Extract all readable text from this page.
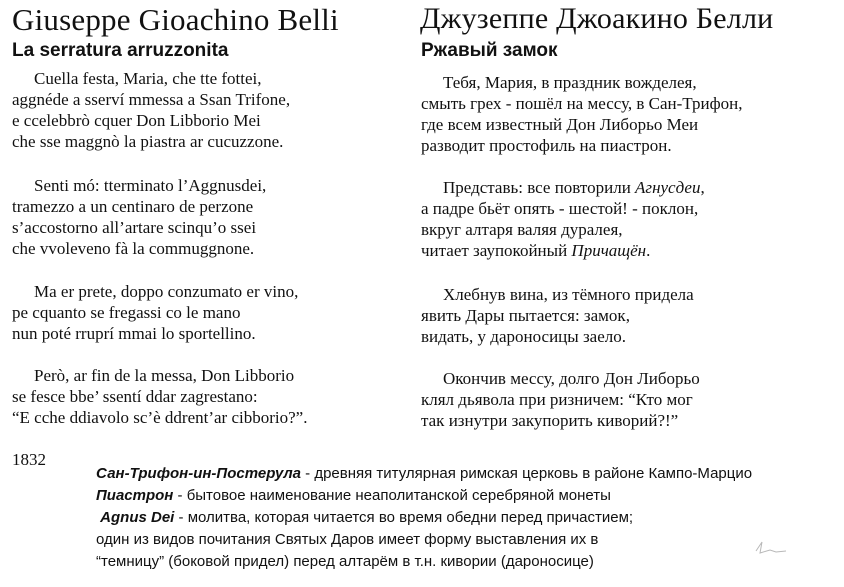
Giuseppe Gioachino Belli
La serratura arruzzonita
Cuella festa, Maria, che tte fottei,
aggnéde a sserví mmessa a Ssan Trifone,
e ccelebbrò cquer Don Libborio Mei
che sse maggnò la piastra ar cucuzzone.
Senti mó: tterminato l’Aggnusdei,
tramezzo a un centinaro de perzone
s’accostorno all’artare scinqu’o ssei
che vvoleveno fà la commuggnone.
Ma er prete, doppo conzumato er vino,
pe cquanto se fregassi co le mano
nun poté rruprí mmai lo sportellino.
Però, ar fin de la messa, Don Libborio
se fesce bbe’ ssentí ddar zagrestano:
“E cche ddiavolo sc’è ddrent’ar cibborio?”.
1832
Джузеппе Джоакино Белли
Ржавый замок
Тебя, Мария, в праздник вожделея,
смыть грех - пошёл на мессу, в Сан-Трифон,
где всем известный Дон Либорьо Меи
разводит простофиль на пиастрон.
Представь: все повторили Агнусдеи,
а падре бьёт опять - шестой! - поклон,
вкруг алтаря валяя дуралея,
читает заупокойный Причащён.
Хлебнув вина, из тёмного придела
явить Дары пытается: замок,
видать, у дароносицы заело.
Окончив мессу, долго Дон Либорьо
клял дьявола при ризничем: “Кто мог
так изнутри закупорить киворий?!”
Сан-Трифон-ин-Постерула - древняя титулярная римская церковь в районе Кампо-Марцио
Пиастрон - бытовое наименование неаполитанской серебряной монеты
Agnus Dei - молитва, которая читается во время обедни перед причастием;
один из видов почитания Святых Даров имеет форму выставления их в
“темницу” (боковой придел) перед алтарём в т.н. кивории (дароносице)
